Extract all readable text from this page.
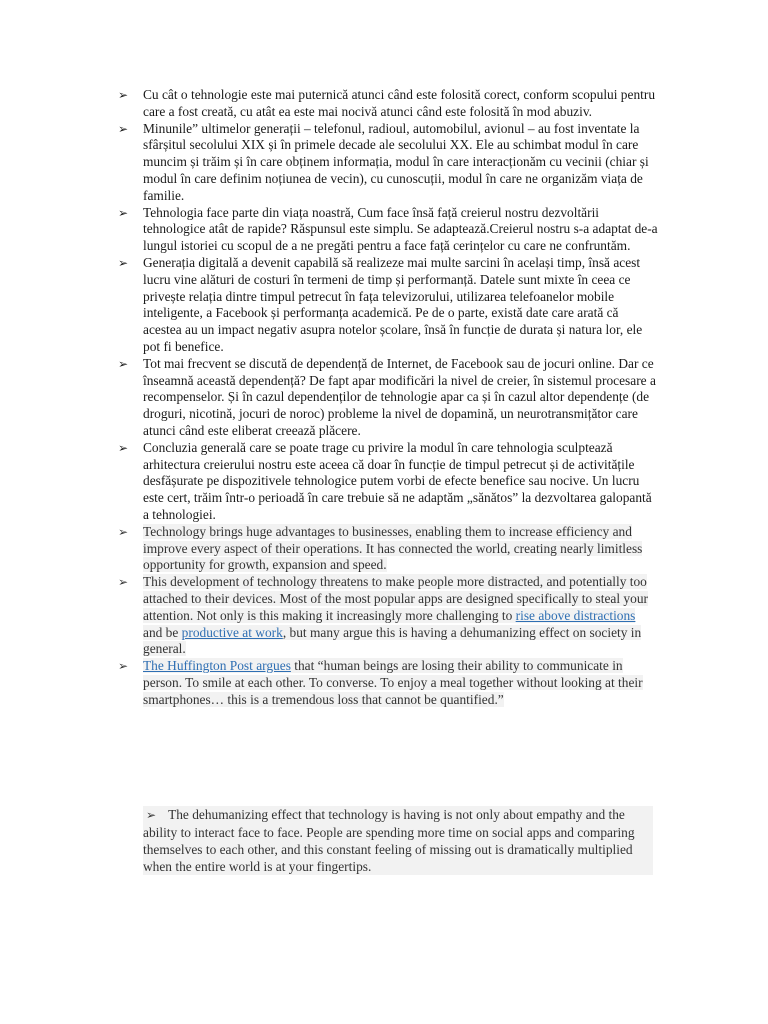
➢ Cu cât o tehnologie este mai puternică atunci când este folosită corect, conform scopului pentru care a fost creată, cu atât ea este mai nocivă atunci când este folosită în mod abuziv.
➢ Minunile” ultimelor generații – telefonul, radioul, automobilul, avionul – au fost inventate la sfârșitul secolului XIX și în primele decade ale secolului XX. Ele au schimbat modul în care muncim și trăim și în care obținem informația, modul în care interacționăm cu vecinii (chiar și modul în care definim noțiunea de vecin), cu cunoscuții, modul în care ne organizăm viața de familie.
➢ Tehnologia face parte din viața noastră, Cum face însă față creierul nostru dezvoltării tehnologice atât de rapide? Răspunsul este simplu. Se adaptează.Creierul nostru s-a adaptat de-a lungul istoriei cu scopul de a ne pregăti pentru a face față cerințelor cu care ne confruntăm.
➢ Generația digitală a devenit capabilă să realizeze mai multe sarcini în același timp, însă acest lucru vine alături de costuri în termeni de timp și performanță. Datele sunt mixte în ceea ce privește relația dintre timpul petrecut în fața televizorului, utilizarea telefoanelor mobile inteligente, a Facebook și performanța academică. Pe de o parte, există date care arată că acestea au un impact negativ asupra notelor școlare, însă în funcție de durata și natura lor, ele pot fi benefice.
➢ Tot mai frecvent se discută de dependență de Internet, de Facebook sau de jocuri online. Dar ce înseamnă această dependență? De fapt apar modificări la nivel de creier, în sistemul procesare a recompenselor. Și în cazul dependenților de tehnologie apar ca și în cazul altor dependențe (de droguri, nicotină, jocuri de noroc) probleme la nivel de dopamină, un neurotransmițător care atunci când este eliberat creează plăcere.
➢ Concluzia generală care se poate trage cu privire la modul în care tehnologia sculptează arhitectura creierului nostru este aceea că doar în funcție de timpul petrecut și de activitățile desfășurate pe dispozitivele tehnologice putem vorbi de efecte benefice sau nocive. Un lucru este cert, trăim într-o perioadă în care trebuie să ne adaptăm „sănătos” la dezvoltarea galopantă a tehnologiei.
➢ Technology brings huge advantages to businesses, enabling them to increase efficiency and improve every aspect of their operations. It has connected the world, creating nearly limitless opportunity for growth, expansion and speed.
➢ This development of technology threatens to make people more distracted, and potentially too attached to their devices. Most of the most popular apps are designed specifically to steal your attention. Not only is this making it increasingly more challenging to rise above distractions and be productive at work, but many argue this is having a dehumanizing effect on society in general.
➢ The Huffington Post argues that “human beings are losing their ability to communicate in person. To smile at each other. To converse. To enjoy a meal together without looking at their smartphones… this is a tremendous loss that cannot be quantified.”
➢ The dehumanizing effect that technology is having is not only about empathy and the ability to interact face to face. People are spending more time on social apps and comparing themselves to each other, and this constant feeling of missing out is dramatically multiplied when the entire world is at your fingertips.
